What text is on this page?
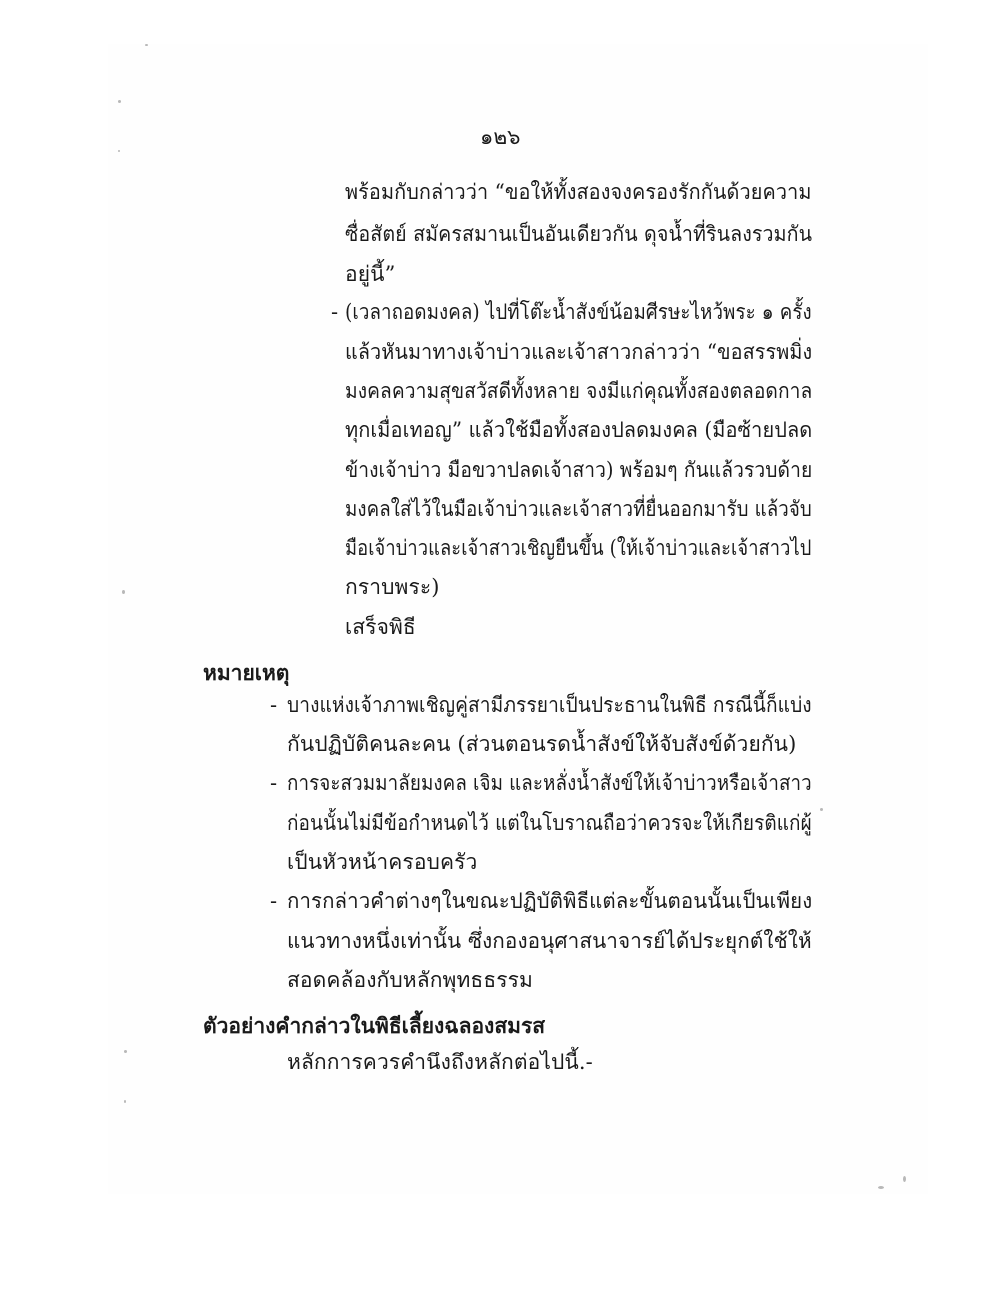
๑๒๖
พร้อมกับกล่าวว่า “ขอให้ทั้งสองจงครองรักกันด้วยความ
ซื่อสัตย์ สมัครสมานเป็นอันเดียวกัน ดุจน้ำที่รินลงรวมกัน
อยู่นี้”
- (เวลาถอดมงคล) ไปที่โต๊ะน้ำสังข์น้อมศีรษะไหว้พระ ๑ ครั้ง
แล้วหันมาทางเจ้าบ่าวและเจ้าสาวกล่าวว่า “ขอสรรพมิ่ง
มงคลความสุขสวัสดีทั้งหลาย จงมีแก่คุณทั้งสองตลอดกาล
ทุกเมื่อเทอญ” แล้วใช้มือทั้งสองปลดมงคล (มือซ้ายปลด
ข้างเจ้าบ่าว มือขวาปลดเจ้าสาว) พร้อมๆ กันแล้วรวบด้าย
มงคลใส่ไว้ในมือเจ้าบ่าวและเจ้าสาวที่ยื่นออกมารับ แล้วจับ
มือเจ้าบ่าวและเจ้าสาวเชิญยืนขึ้น (ให้เจ้าบ่าวและเจ้าสาวไป
กราบพระ)
เสร็จพิธี
หมายเหตุ
- บางแห่งเจ้าภาพเชิญคู่สามีภรรยาเป็นประธานในพิธี กรณีนี้ก็แบ่ง
กันปฏิบัติคนละคน (ส่วนตอนรดน้ำสังข์ให้จับสังข์ด้วยกัน)
- การจะสวมมาลัยมงคล เจิม และหลั่งน้ำสังข์ให้เจ้าบ่าวหรือเจ้าสาว
ก่อนนั้นไม่มีข้อกำหนดไว้ แต่ในโบราณถือว่าควรจะให้เกียรติแก่ผู้
เป็นหัวหน้าครอบครัว
- การกล่าวคำต่างๆในขณะปฏิบัติพิธีแต่ละขั้นตอนนั้นเป็นเพียง
แนวทางหนึ่งเท่านั้น ซึ่งกองอนุศาสนาจารย์ได้ประยุกต์ใช้ให้
สอดคล้องกับหลักพุทธธรรม
ตัวอย่างคำกล่าวในพิธีเลี้ยงฉลองสมรส
หลักการควรคำนึงถึงหลักต่อไปนี้.-
